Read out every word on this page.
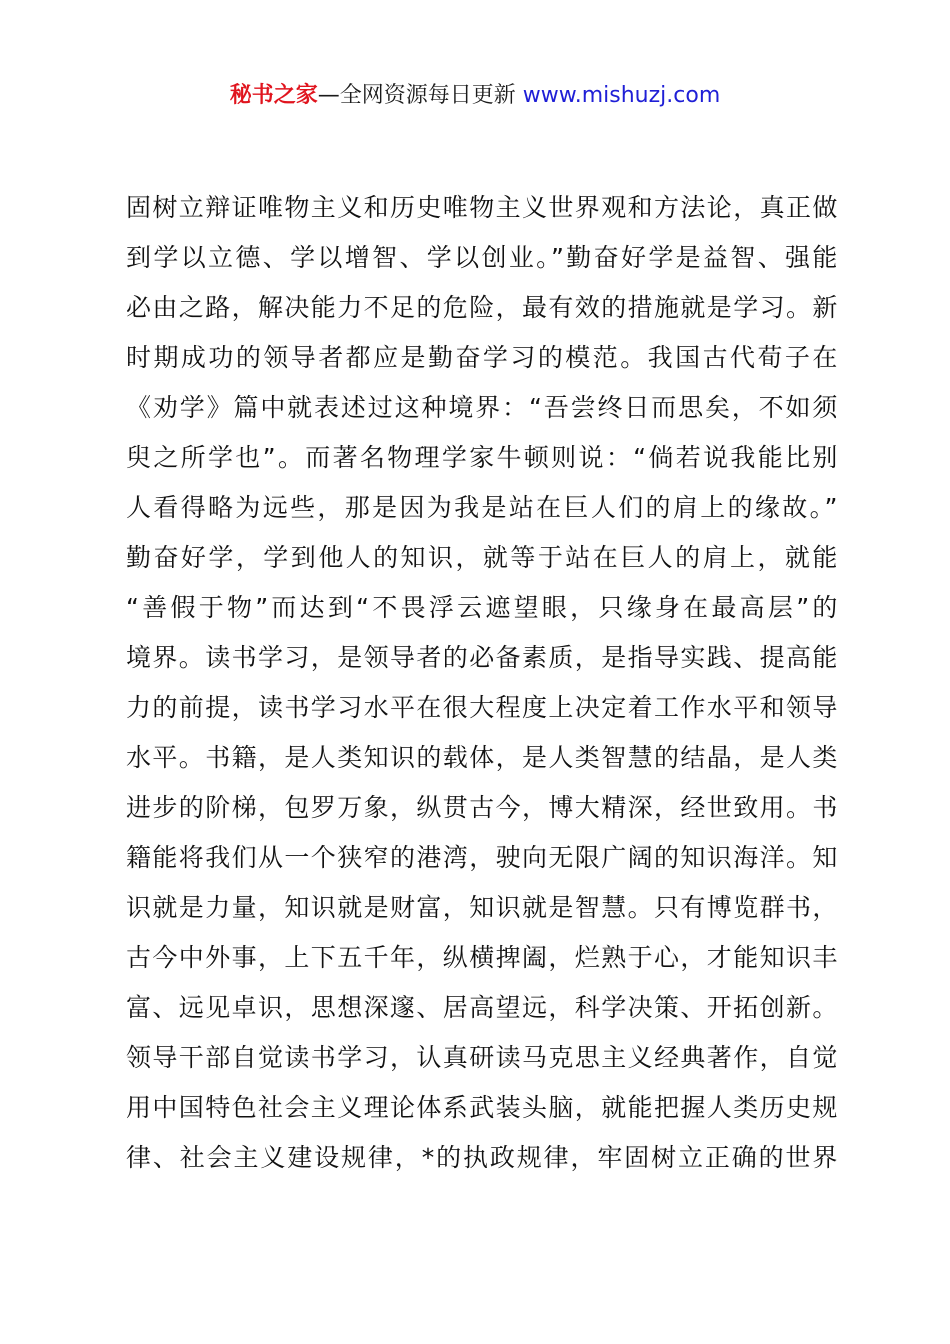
秘书之家—全网资源每日更新 www.mishuzj.com
固树立辩证唯物主义和历史唯物主义世界观和方法论，真正做
到学以立德、学以增智、学以创业。”勤奋好学是益智、强能
必由之路，解决能力不足的危险，最有效的措施就是学习。新
时期成功的领导者都应是勤奋学习的模范。我国古代荀子在
《劝学》篇中就表述过这种境界：“吾尝终日而思矣，不如须
臾之所学也”。而著名物理学家牛顿则说：“倘若说我能比别
人看得略为远些，那是因为我是站在巨人们的肩上的缘故。”
勤奋好学，学到他人的知识，就等于站在巨人的肩上，就能
“善假于物”而达到“不畏浮云遮望眼，只缘身在最高层”的
境界。读书学习，是领导者的必备素质，是指导实践、提高能
力的前提，读书学习水平在很大程度上决定着工作水平和领导
水平。书籍，是人类知识的载体，是人类智慧的结晶，是人类
进步的阶梯，包罗万象，纵贯古今，博大精深，经世致用。书
籍能将我们从一个狭窄的港湾，驶向无限广阔的知识海洋。知
识就是力量，知识就是财富，知识就是智慧。只有博览群书，
古今中外事，上下五千年，纵横捭阖，烂熟于心，才能知识丰
富、远见卓识，思想深邃、居高望远，科学决策、开拓创新。
领导干部自觉读书学习，认真研读马克思主义经典著作，自觉
用中国特色社会主义理论体系武装头脑，就能把握人类历史规
律、社会主义建设规律，*的执政规律，牢固树立正确的世界
